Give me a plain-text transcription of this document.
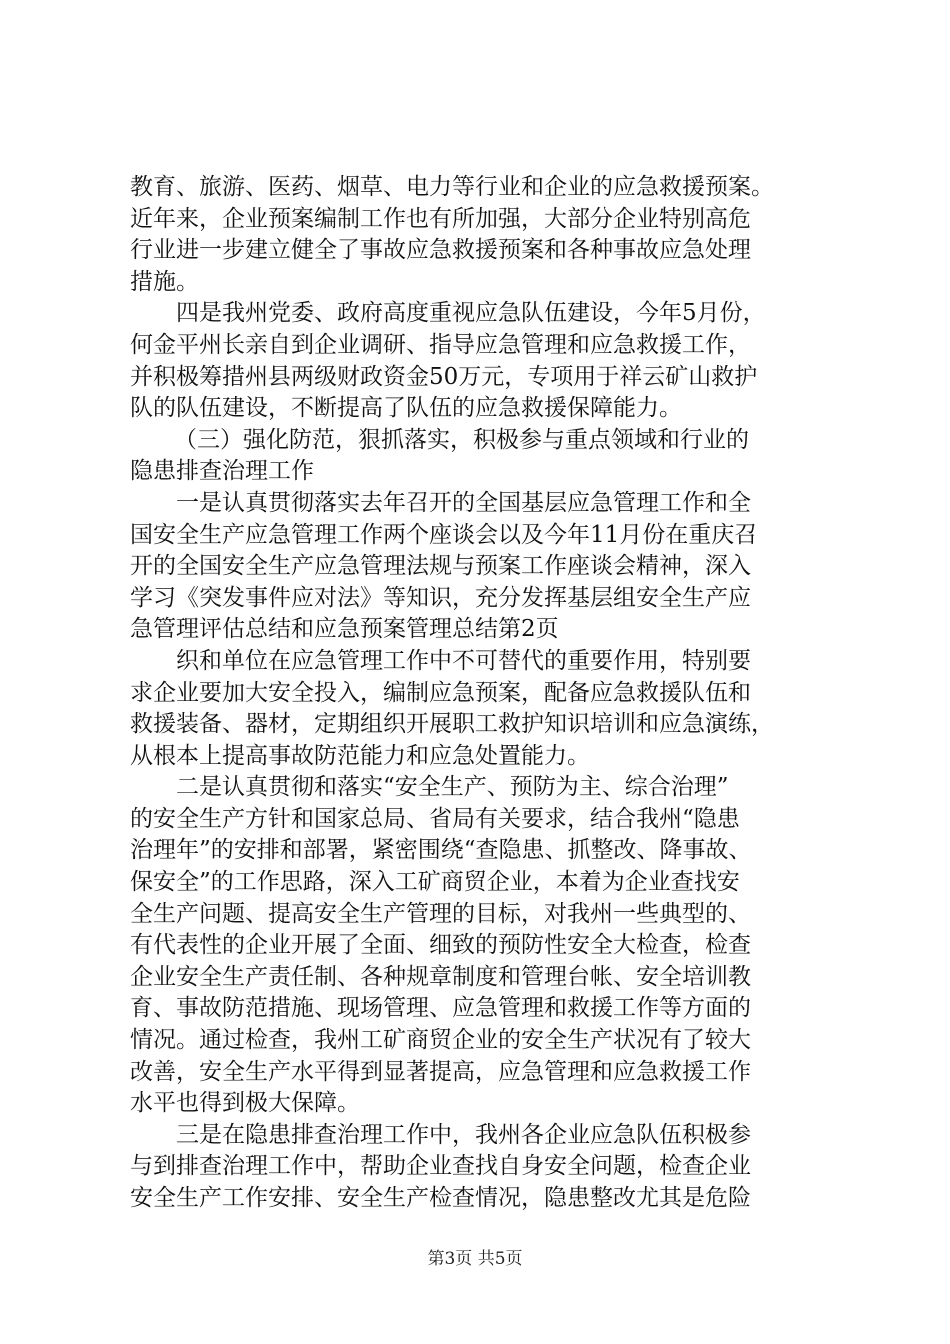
教育、旅游、医药、烟草、电力等行业和企业的应急救援预案。
近年来，企业预案编制工作也有所加强，大部分企业特别高危
行业进一步建立健全了事故应急救援预案和各种事故应急处理
措施。
四是我州党委、政府高度重视应急队伍建设，今年5月份，
何金平州长亲自到企业调研、指导应急管理和应急救援工作，
并积极筹措州县两级财政资金50万元，专项用于祥云矿山救护
队的队伍建设，不断提高了队伍的应急救援保障能力。
（三）强化防范，狠抓落实，积极参与重点领域和行业的
隐患排查治理工作
一是认真贯彻落实去年召开的全国基层应急管理工作和全
国安全生产应急管理工作两个座谈会以及今年11月份在重庆召
开的全国安全生产应急管理法规与预案工作座谈会精神，深入
学习《突发事件应对法》等知识，充分发挥基层组安全生产应
急管理评估总结和应急预案管理总结第2页
织和单位在应急管理工作中不可替代的重要作用，特别要
求企业要加大安全投入，编制应急预案，配备应急救援队伍和
救援装备、器材，定期组织开展职工救护知识培训和应急演练，
从根本上提高事故防范能力和应急处置能力。
二是认真贯彻和落实“安全生产、预防为主、综合治理”
的安全生产方针和国家总局、省局有关要求，结合我州“隐患
治理年”的安排和部署，紧密围绕“查隐患、抓整改、降事故、
保安全”的工作思路，深入工矿商贸企业，本着为企业查找安
全生产问题、提高安全生产管理的目标，对我州一些典型的、
有代表性的企业开展了全面、细致的预防性安全大检查，检查
企业安全生产责任制、各种规章制度和管理台帐、安全培训教
育、事故防范措施、现场管理、应急管理和救援工作等方面的
情况。通过检查，我州工矿商贸企业的安全生产状况有了较大
改善，安全生产水平得到显著提高，应急管理和应急救援工作
水平也得到极大保障。
三是在隐患排查治理工作中，我州各企业应急队伍积极参
与到排查治理工作中，帮助企业查找自身安全问题，检查企业
安全生产工作安排、安全生产检查情况，隐患整改尤其是危险
第3页 共5页
